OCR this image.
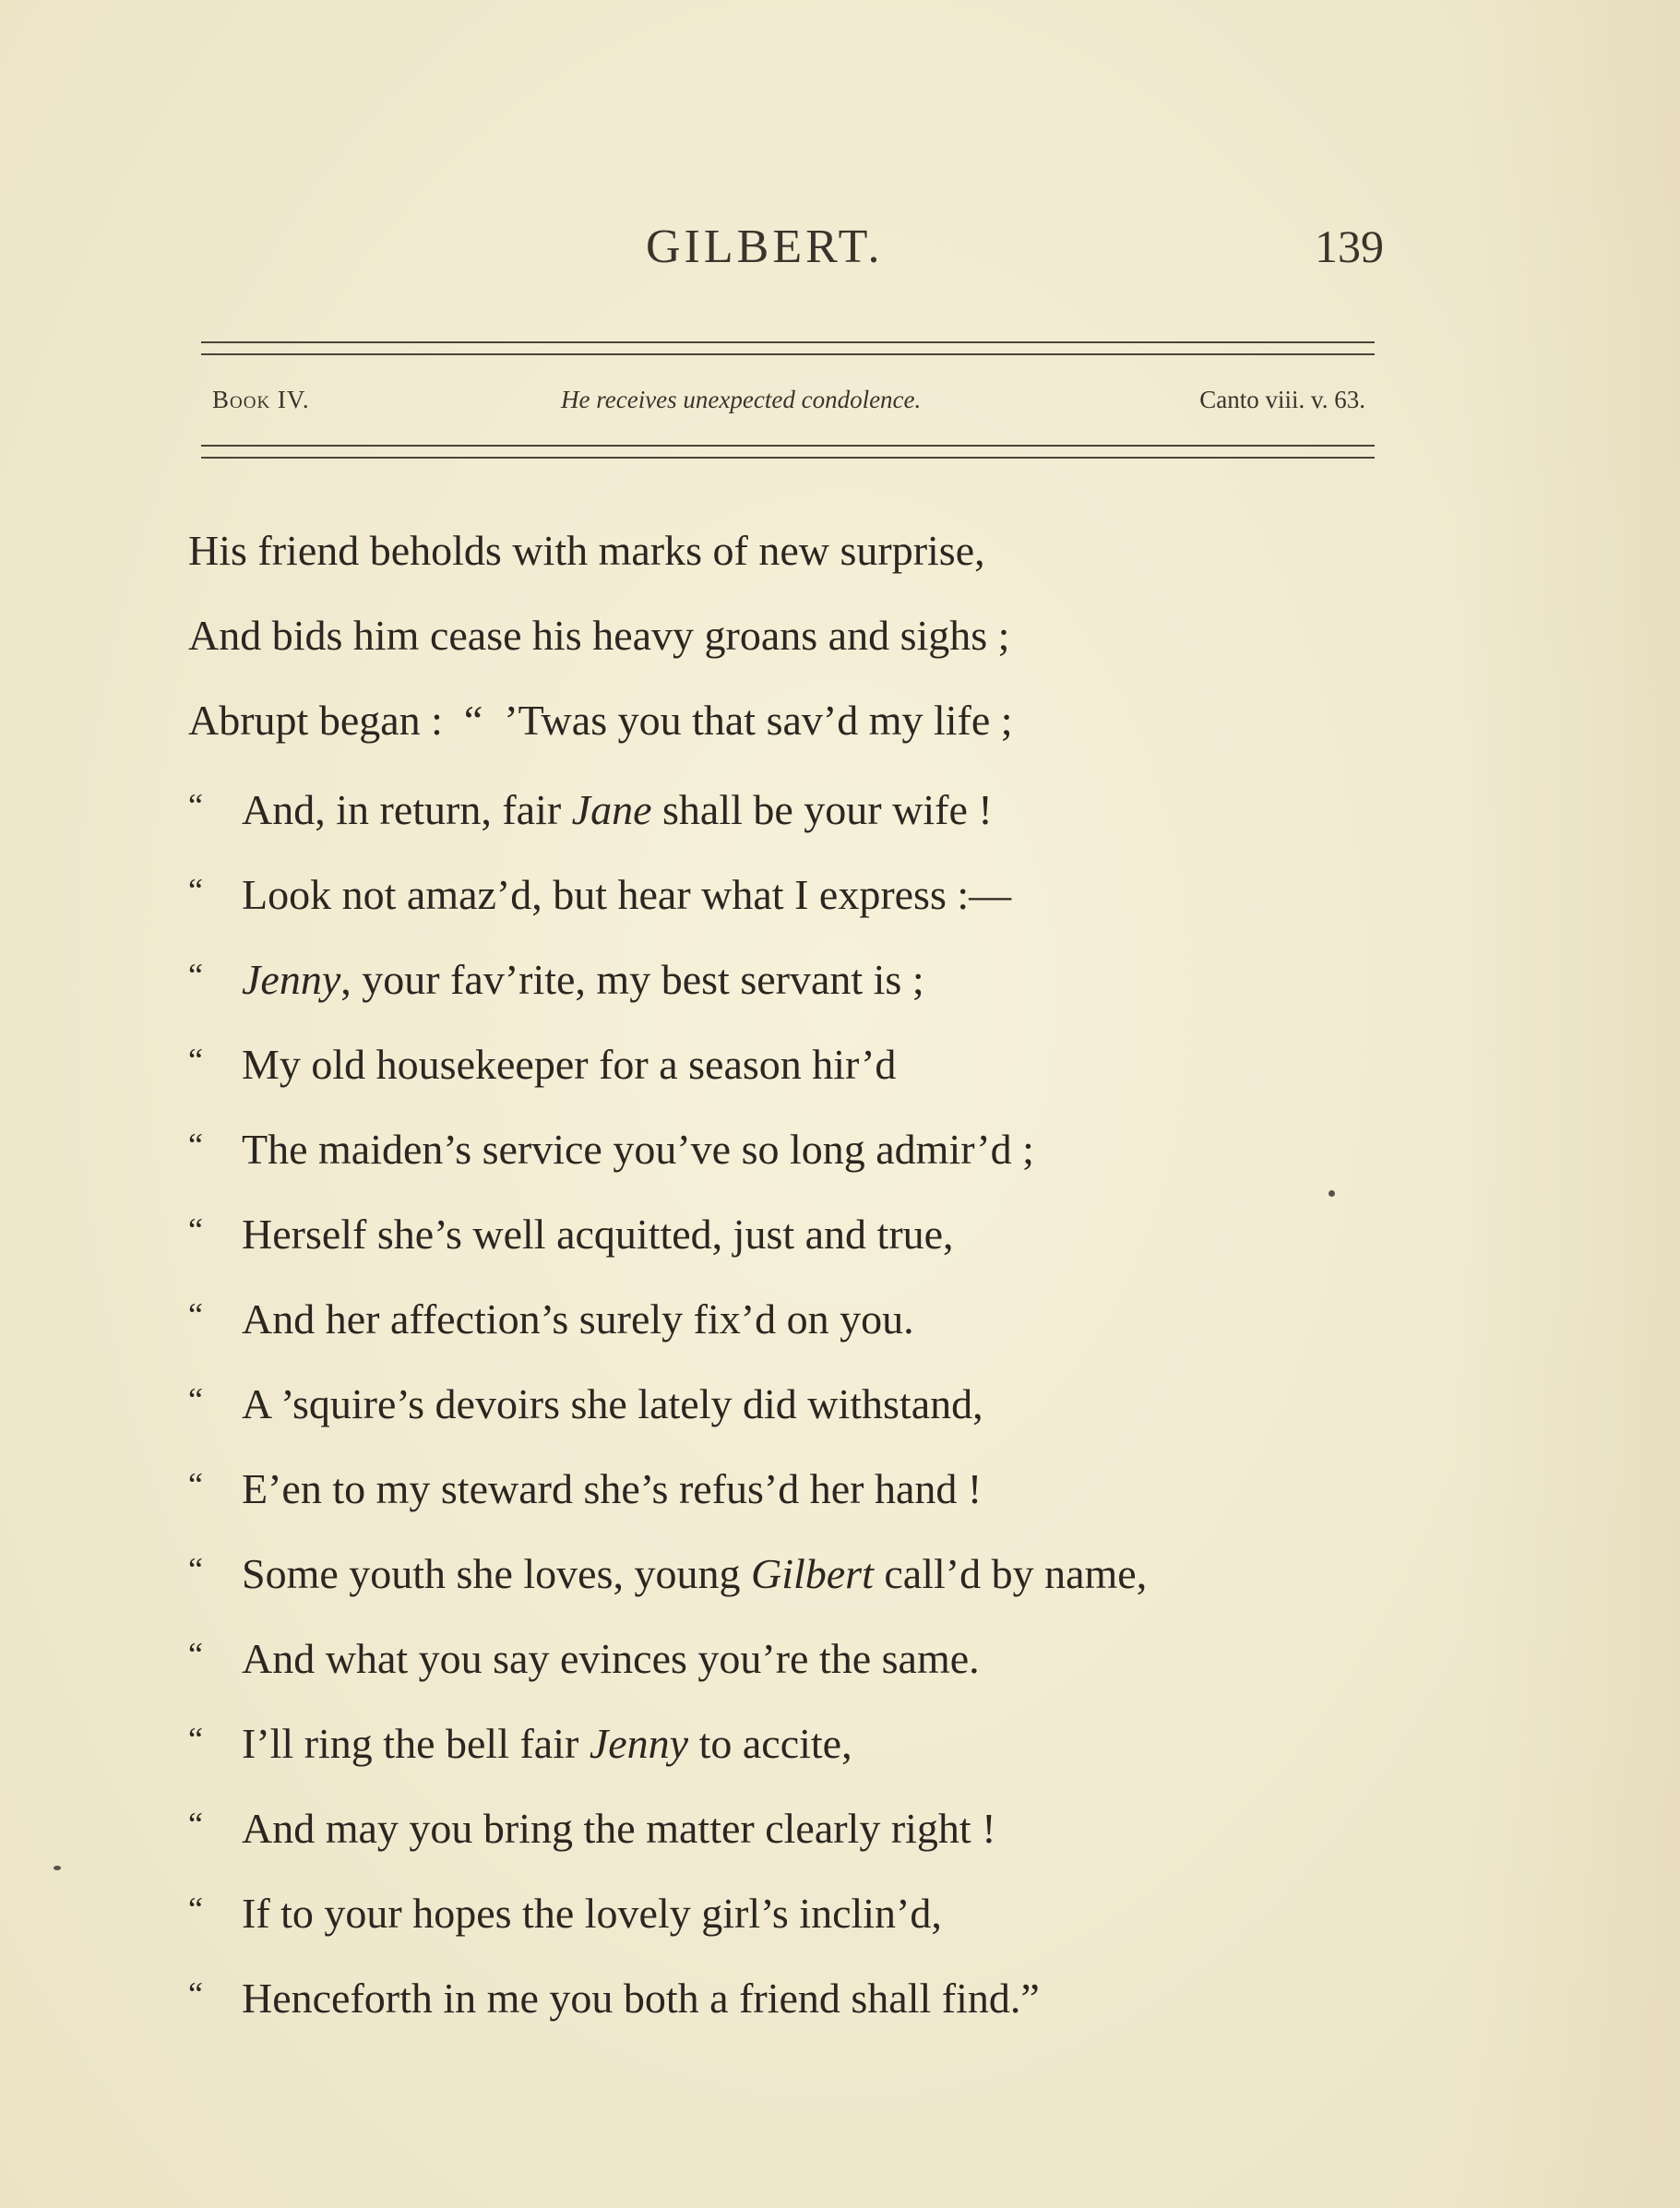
GILBERT.	139
Book IV.	He receives unexpected condolence.	Canto viii. v. 63.
His friend beholds with marks of new surprise,
And bids him cease his heavy groans and sighs ;
Abrupt began :  “  ’Twas you that sav’d my life ;
“ And, in return, fair Jane shall be your wife !
“ Look not amaz’d, but hear what I express :—
“ Jenny, your fav’rite, my best servant is ;
“ My old housekeeper for a season hir’d
“ The maiden’s service you’ve so long admir’d ;
“ Herself she’s well acquitted, just and true,
“ And her affection’s surely fix’d on you.
“ A ’squire’s devoirs she lately did withstand,
“ E’en to my steward she’s refus’d her hand !
“ Some youth she loves, young Gilbert call’d by name,
“ And what you say evinces you’re the same.
“ I’ll ring the bell fair Jenny to accite,
“ And may you bring the matter clearly right !
“ If to your hopes the lovely girl’s inclin’d,
“ Henceforth in me you both a friend shall find.”
